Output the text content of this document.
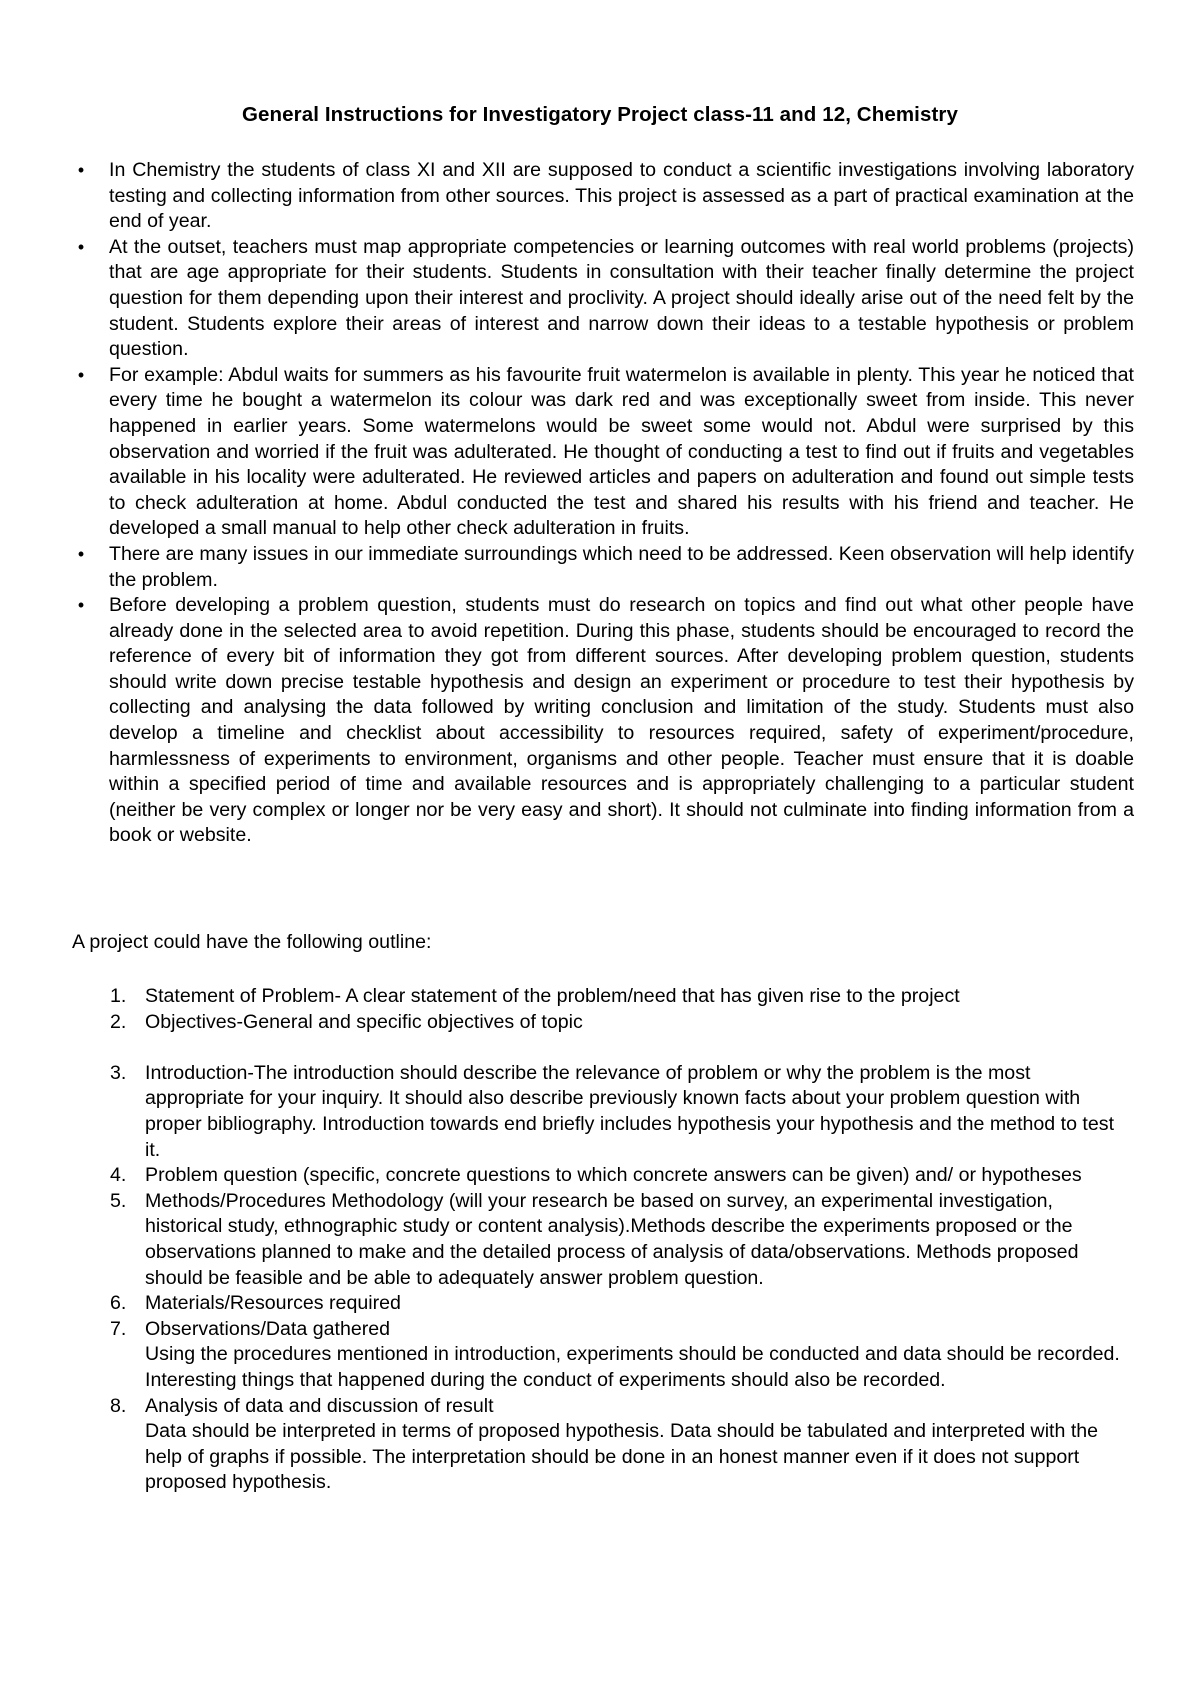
General Instructions for Investigatory Project class-11 and 12, Chemistry
• In Chemistry the students of class XI and XII are supposed to conduct a scientific investigations involving laboratory testing and collecting information from other sources. This project is assessed as a part of practical examination at the end of year.
• At the outset, teachers must map appropriate competencies or learning outcomes with real world problems (projects) that are age appropriate for their students. Students in consultation with their teacher finally determine the project question for them depending upon their interest and proclivity. A project should ideally arise out of the need felt by the student. Students explore their areas of interest and narrow down their ideas to a testable hypothesis or problem question.
• For example: Abdul waits for summers as his favourite fruit watermelon is available in plenty. This year he noticed that every time he bought a watermelon its colour was dark red and was exceptionally sweet from inside. This never happened in earlier years. Some watermelons would be sweet some would not. Abdul were surprised by this observation and worried if the fruit was adulterated. He thought of conducting a test to find out if fruits and vegetables available in his locality were adulterated. He reviewed articles and papers on adulteration and found out simple tests to check adulteration at home. Abdul conducted the test and shared his results with his friend and teacher. He developed a small manual to help other check adulteration in fruits.
• There are many issues in our immediate surroundings which need to be addressed. Keen observation will help identify the problem.
• Before developing a problem question, students must do research on topics and find out what other people have already done in the selected area to avoid repetition. During this phase, students should be encouraged to record the reference of every bit of information they got from different sources. After developing problem question, students should write down precise testable hypothesis and design an experiment or procedure to test their hypothesis by collecting and analysing the data followed by writing conclusion and limitation of the study. Students must also develop a timeline and checklist about accessibility to resources required, safety of experiment/procedure, harmlessness of experiments to environment, organisms and other people. Teacher must ensure that it is doable within a specified period of time and available resources and is appropriately challenging to a particular student (neither be very complex or longer nor be very easy and short). It should not culminate into finding information from a book or website.

A project could have the following outline:

1. Statement of Problem- A clear statement of the problem/need that has given rise to the project
2. Objectives-General and specific objectives of topic
3. Introduction-The introduction should describe the relevance of problem or why the problem is the most appropriate for your inquiry. It should also describe previously known facts about your problem question with proper bibliography. Introduction towards end briefly includes hypothesis your hypothesis and the method to test it.
4. Problem question (specific, concrete questions to which concrete answers can be given) and/ or hypotheses
5. Methods/Procedures Methodology (will your research be based on survey, an experimental investigation, historical study, ethnographic study or content analysis).Methods describe the experiments proposed or the observations planned to make and the detailed process of analysis of data/observations. Methods proposed should be feasible and be able to adequately answer problem question.
6. Materials/Resources required
7. Observations/Data gathered
Using the procedures mentioned in introduction, experiments should be conducted and data should be recorded. Interesting things that happened during the conduct of experiments should also be recorded.
8. Analysis of data and discussion of result
Data should be interpreted in terms of proposed hypothesis. Data should be tabulated and interpreted with the help of graphs if possible. The interpretation should be done in an honest manner even if it does not support proposed hypothesis.
